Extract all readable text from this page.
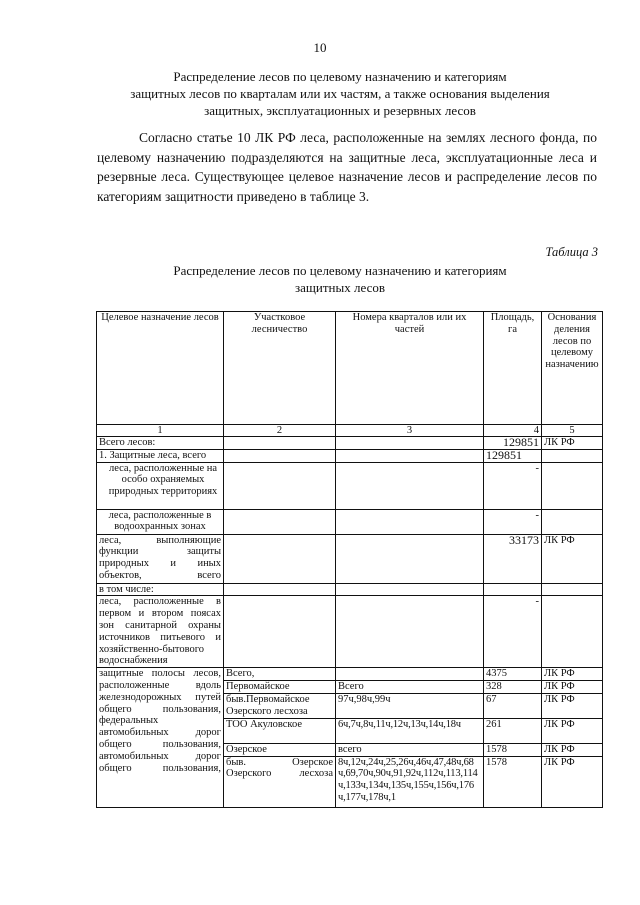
10
Распределение лесов по целевому назначению и категориям
защитных лесов по кварталам или их частям, а также основания выделения
защитных, эксплуатационных и резервных лесов
Согласно статье 10 ЛК РФ леса, расположенные на землях лесного фонда, по целевому назначению подразделяются на защитные леса, эксплуатационные леса и резервные леса. Существующее целевое назначение лесов и распределение лесов по категориям защитности приведено в таблице 3.
Таблица 3
Распределение лесов по целевому назначению и категориям
защитных лесов
Целевое назначение лесов	Участковое лесничество	Номера кварталов или их частей	Площадь, га	Основания деления лесов по целевому назначению
1	2	3	4	5
Всего лесов:			129851	ЛК РФ
1. Защитные леса, всего			129851	
леса, расположенные на особо охраняемых природных территориях			-	
леса, расположенные в водоохранных зонах			-	
леса, выполняющие функции защиты природных и иных объектов, всего			33173	ЛК РФ
в том числе:				
леса, расположенные в первом и втором поясах зон санитарной охраны источников питьевого и хозяйственно-бытового водоснабжения			-	
защитные полосы лесов, расположенные вдоль железнодорожных путей общего пользования, федеральных автомобильных дорог общего пользования, автомобильных дорог общего пользования,	Всего,		4375	ЛК РФ
	Первомайское	Всего	328	ЛК РФ
	быв.Первомайское Озерского лесхоза	97ч,98ч,99ч	67	ЛК РФ
	ТОО Акуловское	6ч,7ч,8ч,11ч,12ч,13ч,14ч,18ч	261	ЛК РФ
	Озерское	всего	1578	ЛК РФ
	быв. Озерское Озерского лесхоза	8ч,12ч,24ч,25,26ч,46ч,47,48ч,68ч,69,70ч,90ч,91,92ч,112ч,113,114ч,133ч,134ч,135ч,155ч,156ч,176ч,177ч,178ч,1	1578	ЛК РФ
